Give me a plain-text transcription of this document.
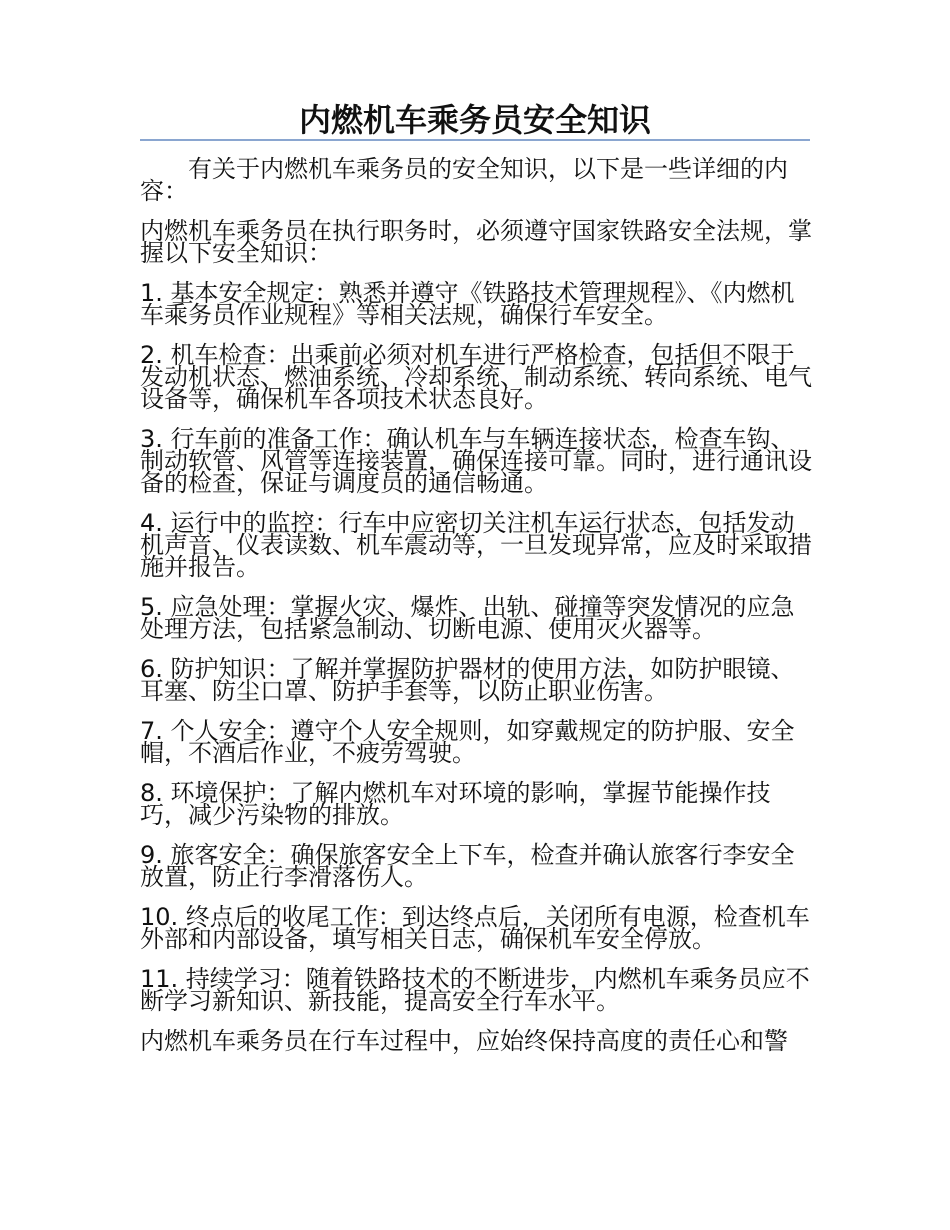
内燃机车乘务员安全知识

有关于内燃机车乘务员的安全知识，以下是一些详细的内容：

内燃机车乘务员在执行职务时，必须遵守国家铁路安全法规，掌握以下安全知识：

1. 基本安全规定：熟悉并遵守《铁路技术管理规程》、《内燃机车乘务员作业规程》等相关法规，确保行车安全。

2. 机车检查：出乘前必须对机车进行严格检查，包括但不限于发动机状态、燃油系统、冷却系统、制动系统、转向系统、电气设备等，确保机车各项技术状态良好。

3. 行车前的准备工作：确认机车与车辆连接状态，检查车钩、制动软管、风管等连接装置，确保连接可靠。同时，进行通讯设备的检查，保证与调度员的通信畅通。

4. 运行中的监控：行车中应密切关注机车运行状态，包括发动机声音、仪表读数、机车震动等，一旦发现异常，应及时采取措施并报告。

5. 应急处理：掌握火灾、爆炸、出轨、碰撞等突发情况的应急处理方法，包括紧急制动、切断电源、使用灭火器等。

6. 防护知识：了解并掌握防护器材的使用方法，如防护眼镜、耳塞、防尘口罩、防护手套等，以防止职业伤害。

7. 个人安全：遵守个人安全规则，如穿戴规定的防护服、安全帽，不酒后作业，不疲劳驾驶。

8. 环境保护：了解内燃机车对环境的影响，掌握节能操作技巧，减少污染物的排放。

9. 旅客安全：确保旅客安全上下车，检查并确认旅客行李安全放置，防止行李滑落伤人。

10. 终点后的收尾工作：到达终点后，关闭所有电源，检查机车外部和内部设备，填写相关日志，确保机车安全停放。

11. 持续学习：随着铁路技术的不断进步，内燃机车乘务员应不断学习新知识、新技能，提高安全行车水平。

内燃机车乘务员在行车过程中，应始终保持高度的责任心和警
